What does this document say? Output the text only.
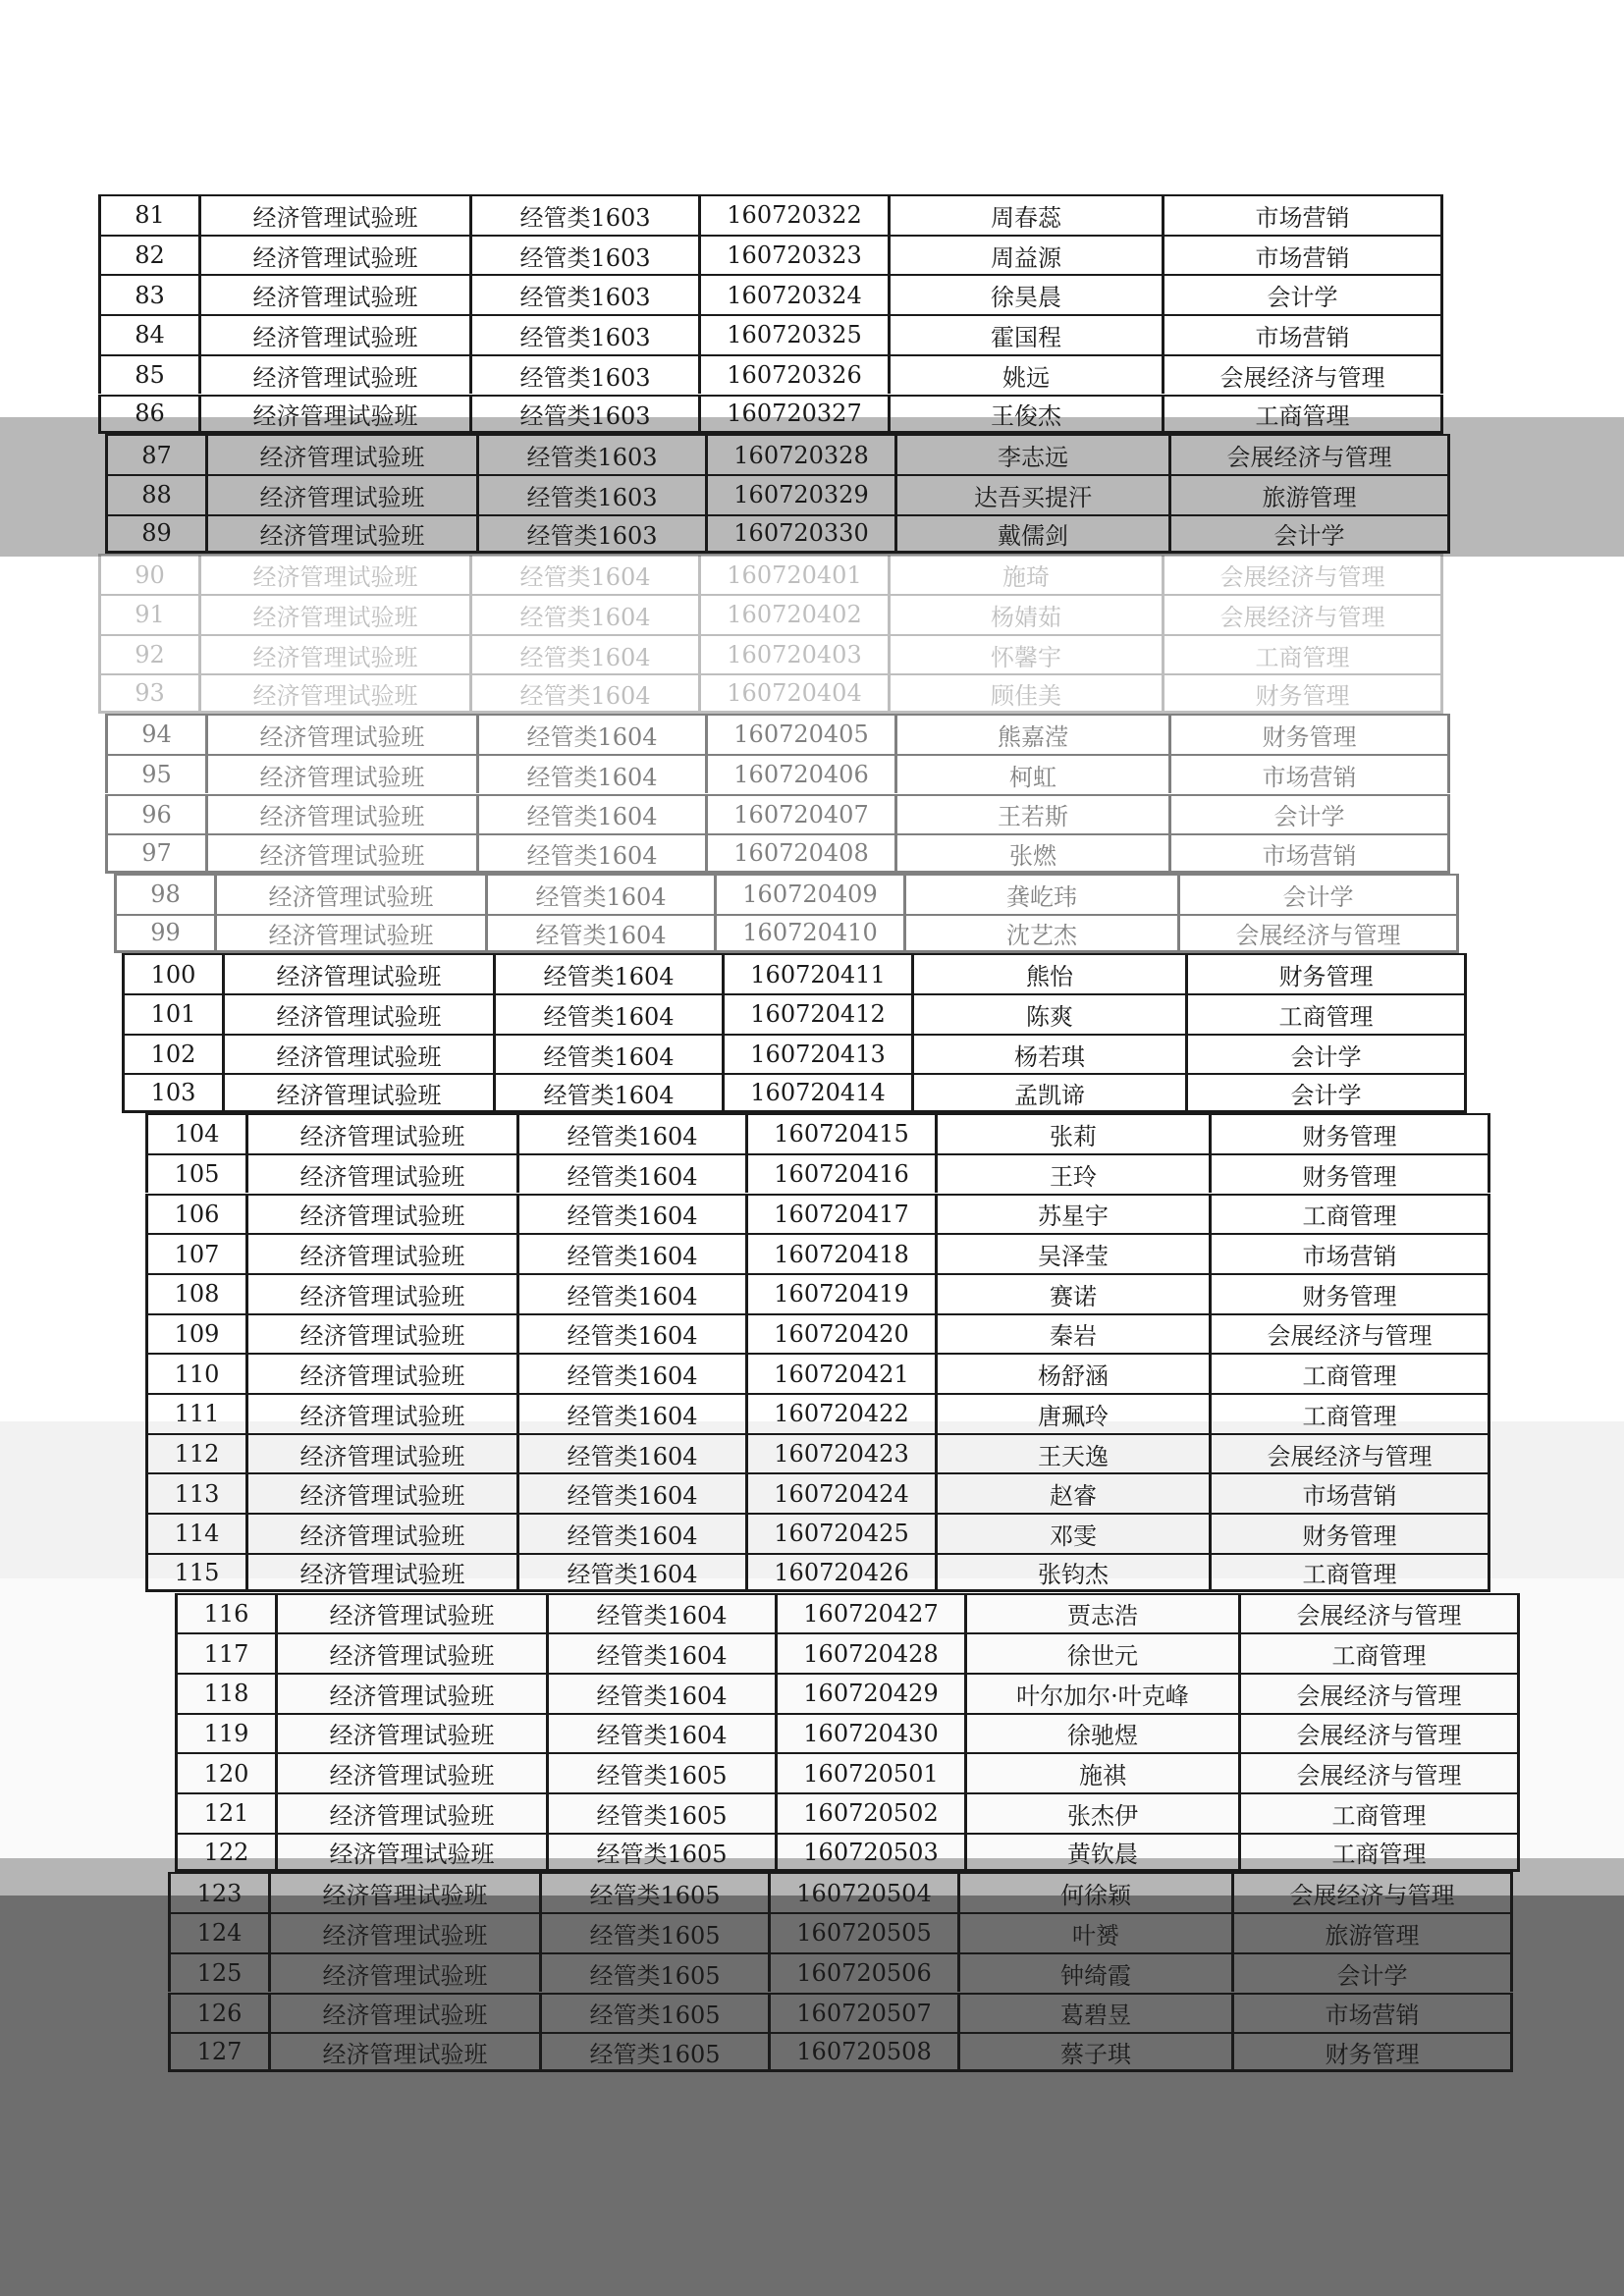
81	经济管理试验班	经管类1603	160720322	周春蕊	市场营销
82	经济管理试验班	经管类1603	160720323	周益源	市场营销
83	经济管理试验班	经管类1603	160720324	徐昊晨	会计学
84	经济管理试验班	经管类1603	160720325	霍国程	市场营销
85	经济管理试验班	经管类1603	160720326	姚远	会展经济与管理
86	经济管理试验班	经管类1603	160720327	王俊杰	工商管理
87	经济管理试验班	经管类1603	160720328	李志远	会展经济与管理
88	经济管理试验班	经管类1603	160720329	达吾买提汗	旅游管理
89	经济管理试验班	经管类1603	160720330	戴儒剑	会计学
90	经济管理试验班	经管类1604	160720401	施琦	会展经济与管理
91	经济管理试验班	经管类1604	160720402	杨婧茹	会展经济与管理
92	经济管理试验班	经管类1604	160720403	怀馨宇	工商管理
93	经济管理试验班	经管类1604	160720404	顾佳美	财务管理
94	经济管理试验班	经管类1604	160720405	熊嘉滢	财务管理
95	经济管理试验班	经管类1604	160720406	柯虹	市场营销
96	经济管理试验班	经管类1604	160720407	王若斯	会计学
97	经济管理试验班	经管类1604	160720408	张燃	市场营销
98	经济管理试验班	经管类1604	160720409	龚屹玮	会计学
99	经济管理试验班	经管类1604	160720410	沈艺杰	会展经济与管理
100	经济管理试验班	经管类1604	160720411	熊怡	财务管理
101	经济管理试验班	经管类1604	160720412	陈爽	工商管理
102	经济管理试验班	经管类1604	160720413	杨若琪	会计学
103	经济管理试验班	经管类1604	160720414	孟凯谛	会计学
104	经济管理试验班	经管类1604	160720415	张莉	财务管理
105	经济管理试验班	经管类1604	160720416	王玲	财务管理
106	经济管理试验班	经管类1604	160720417	苏星宇	工商管理
107	经济管理试验班	经管类1604	160720418	吴泽莹	市场营销
108	经济管理试验班	经管类1604	160720419	赛诺	财务管理
109	经济管理试验班	经管类1604	160720420	秦岩	会展经济与管理
110	经济管理试验班	经管类1604	160720421	杨舒涵	工商管理
111	经济管理试验班	经管类1604	160720422	唐珮玲	工商管理
112	经济管理试验班	经管类1604	160720423	王天逸	会展经济与管理
113	经济管理试验班	经管类1604	160720424	赵睿	市场营销
114	经济管理试验班	经管类1604	160720425	邓雯	财务管理
115	经济管理试验班	经管类1604	160720426	张钧杰	工商管理
116	经济管理试验班	经管类1604	160720427	贾志浩	会展经济与管理
117	经济管理试验班	经管类1604	160720428	徐世元	工商管理
118	经济管理试验班	经管类1604	160720429	叶尔加尔·叶克峰	会展经济与管理
119	经济管理试验班	经管类1604	160720430	徐驰煜	会展经济与管理
120	经济管理试验班	经管类1605	160720501	施祺	会展经济与管理
121	经济管理试验班	经管类1605	160720502	张杰伊	工商管理
122	经济管理试验班	经管类1605	160720503	黄钦晨	工商管理
123	经济管理试验班	经管类1605	160720504	何徐颖	会展经济与管理
124	经济管理试验班	经管类1605	160720505	叶赟	旅游管理
125	经济管理试验班	经管类1605	160720506	钟绮霞	会计学
126	经济管理试验班	经管类1605	160720507	葛碧昱	市场营销
127	经济管理试验班	经管类1605	160720508	蔡子琪	财务管理
